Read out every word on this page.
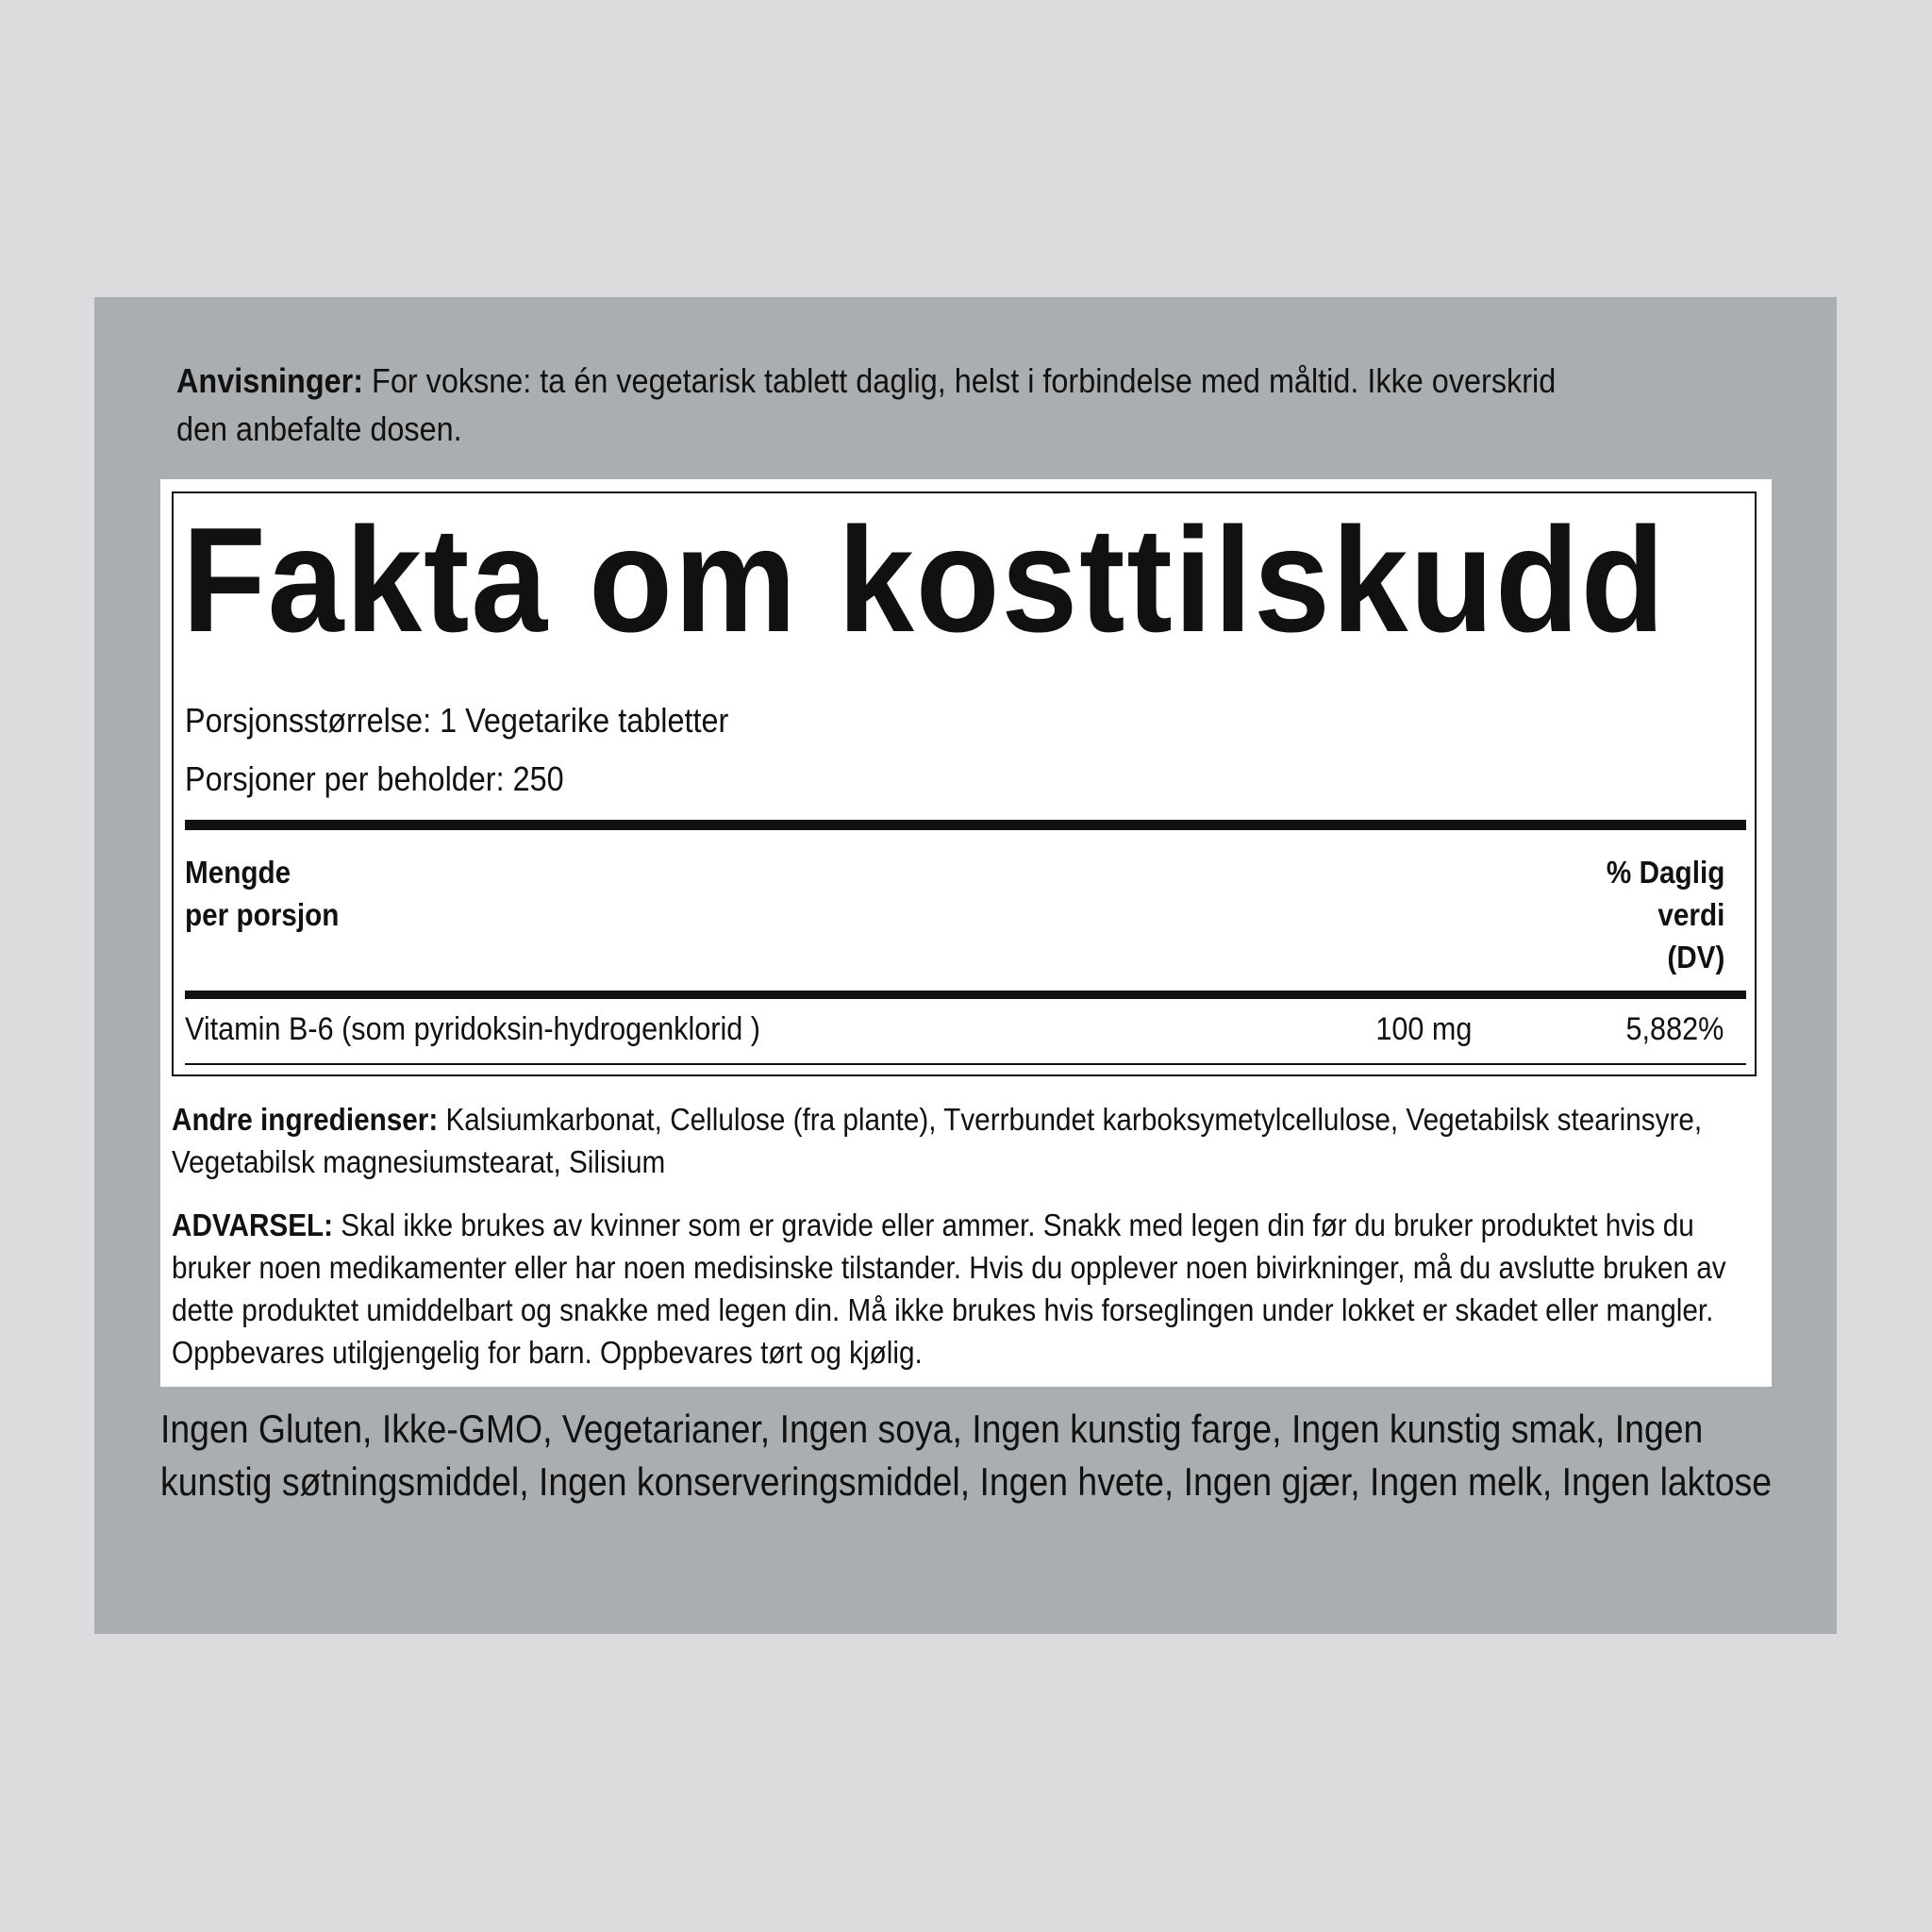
Anvisninger: For voksne: ta én vegetarisk tablett daglig, helst i forbindelse med måltid. Ikke overskrid den anbefalte dosen.
Fakta om kosttilskudd
Porsjonsstørrelse: 1 Vegetarike tabletter
Porsjoner per beholder: 250
Mengde
per porsjon
% Daglig
verdi
(DV)
Vitamin B-6 (som pyridoksin-hydrogenklorid )	100 mg	5,882%
Andre ingredienser: Kalsiumkarbonat, Cellulose (fra plante), Tverrbundet karboksymetylcellulose, Vegetabilsk stearinsyre, Vegetabilsk magnesiumstearat, Silisium
ADVARSEL: Skal ikke brukes av kvinner som er gravide eller ammer. Snakk med legen din før du bruker produktet hvis du bruker noen medikamenter eller har noen medisinske tilstander. Hvis du opplever noen bivirkninger, må du avslutte bruken av dette produktet umiddelbart og snakke med legen din. Må ikke brukes hvis forseglingen under lokket er skadet eller mangler. Oppbevares utilgjengelig for barn. Oppbevares tørt og kjølig.
Ingen Gluten, Ikke-GMO, Vegetarianer, Ingen soya, Ingen kunstig farge, Ingen kunstig smak, Ingen kunstig søtningsmiddel, Ingen konserveringsmiddel, Ingen hvete, Ingen gjær, Ingen melk, Ingen laktose
